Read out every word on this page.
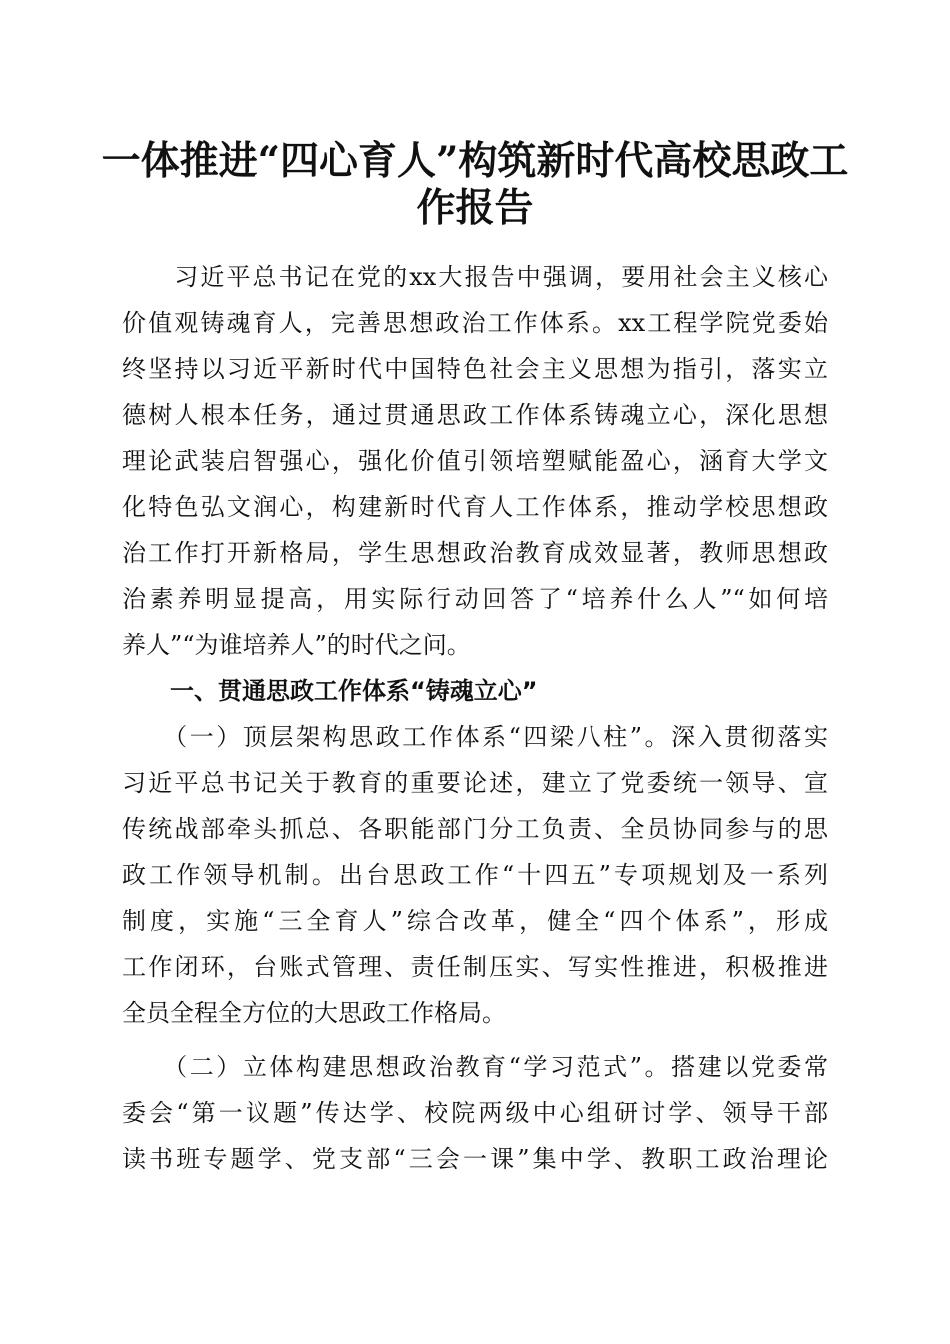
一体推进“四心育人”构筑新时代高校思政工
作报告
　　习近平总书记在党的xx大报告中强调，要用社会主义核心
价值观铸魂育人，完善思想政治工作体系。xx工程学院党委始
终坚持以习近平新时代中国特色社会主义思想为指引，落实立
德树人根本任务，通过贯通思政工作体系铸魂立心，深化思想
理论武装启智强心，强化价值引领培塑赋能盈心，涵育大学文
化特色弘文润心，构建新时代育人工作体系，推动学校思想政
治工作打开新格局，学生思想政治教育成效显著，教师思想政
治素养明显提高，用实际行动回答了“培养什么人”“如何培
养人”“为谁培养人”的时代之问。
　　一、贯通思政工作体系“铸魂立心”
　　（一）顶层架构思政工作体系“四梁八柱”。深入贯彻落实
习近平总书记关于教育的重要论述，建立了党委统一领导、宣
传统战部牵头抓总、各职能部门分工负责、全员协同参与的思
政工作领导机制。出台思政工作“十四五”专项规划及一系列
制度，实施“三全育人”综合改革，健全“四个体系”，形成
工作闭环，台账式管理、责任制压实、写实性推进，积极推进
全员全程全方位的大思政工作格局。
　　（二）立体构建思想政治教育“学习范式”。搭建以党委常
委会“第一议题”传达学、校院两级中心组研讨学、领导干部
读书班专题学、党支部“三会一课”集中学、教职工政治理论
